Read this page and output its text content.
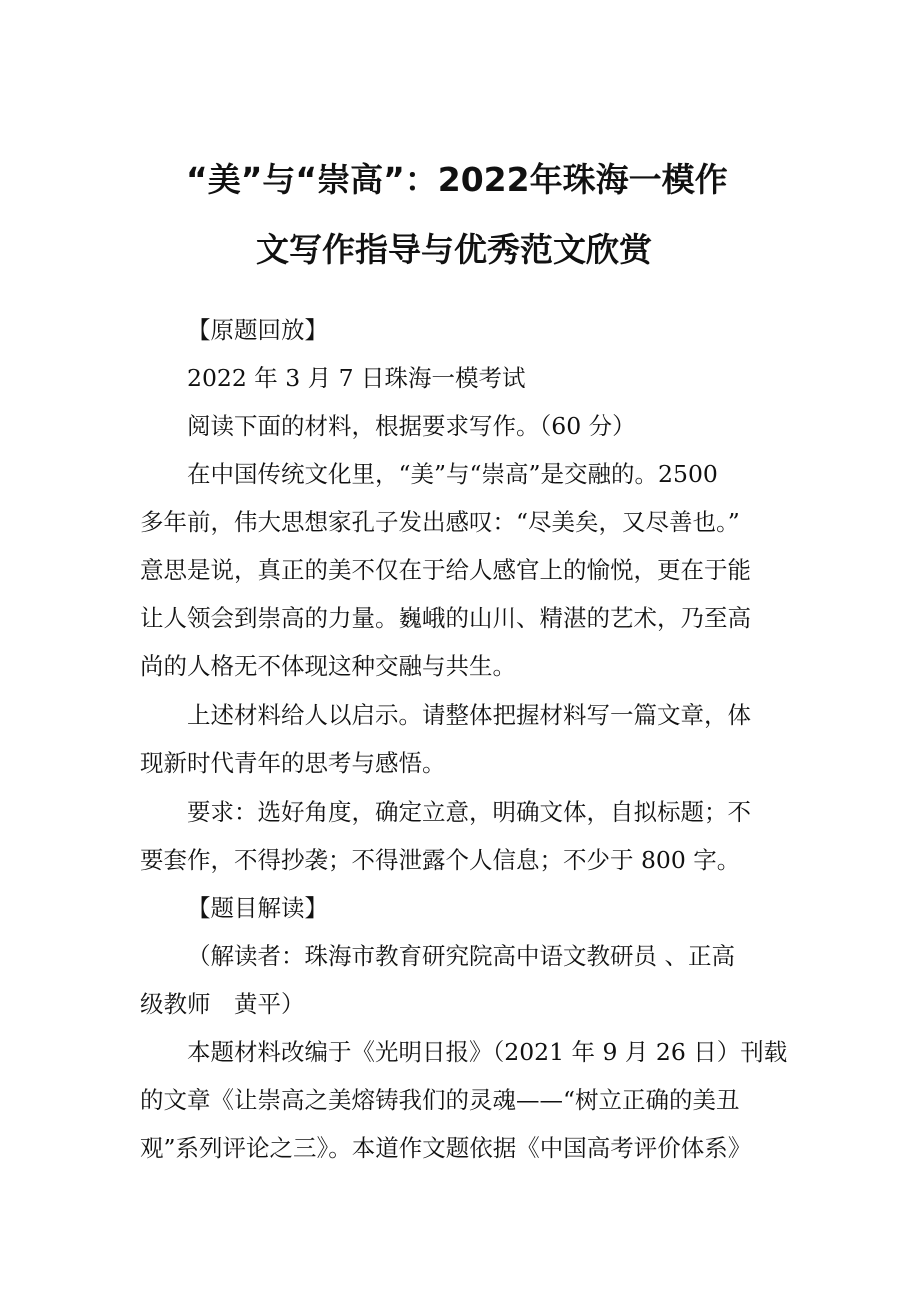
“美”与“崇高”：2022年珠海一模作
文写作指导与优秀范文欣赏
【原题回放】
2022 年 3 月 7 日珠海一模考试
阅读下面的材料，根据要求写作。（60 分）
在中国传统文化里，“美”与“崇高”是交融的。2500
多年前，伟大思想家孔子发出感叹：“尽美矣，又尽善也。”
意思是说，真正的美不仅在于给人感官上的愉悦，更在于能
让人领会到崇高的力量。巍峨的山川、精湛的艺术，乃至高
尚的人格无不体现这种交融与共生。
上述材料给人以启示。请整体把握材料写一篇文章，体
现新时代青年的思考与感悟。
要求：选好角度，确定立意，明确文体，自拟标题；不
要套作，不得抄袭；不得泄露个人信息；不少于 800 字。
【题目解读】
（解读者：珠海市教育研究院高中语文教研员 、正高
级教师　黄平）
本题材料改编于《光明日报》（2021 年 9 月 26 日）刊载
的文章《让崇高之美熔铸我们的灵魂——“树立正确的美丑
观”系列评论之三》。本道作文题依据《中国高考评价体系》
